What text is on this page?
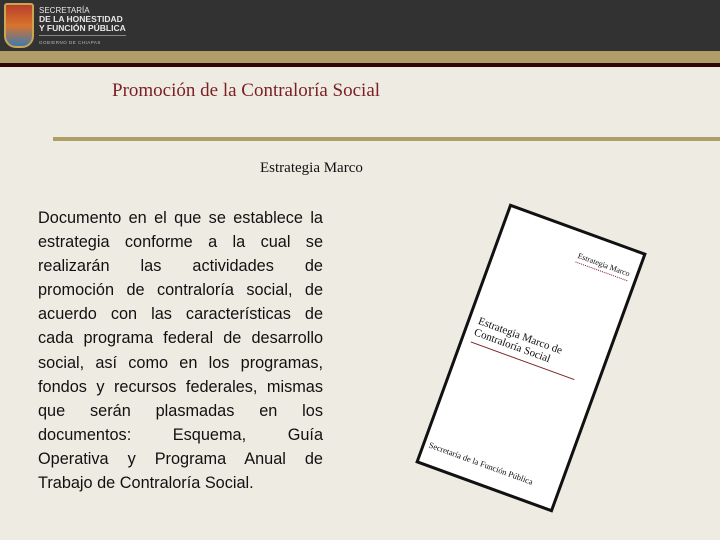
SECRETARÍA
DE LA HONESTIDAD
Y FUNCIÓN PÚBLICA
GOBIERNO DE CHIAPAS
Promoción de la Contraloría Social
Estrategia Marco
Documento en el que se establece la estrategia conforme a la cual se realizarán las actividades de promoción de contraloría social, de acuerdo con las características de cada programa federal de desarrollo social, así como en los programas, fondos y recursos federales, mismas que serán plasmadas en los documentos: Esquema, Guía Operativa y Programa Anual de Trabajo de Contraloría Social.
Estrategia Marco
Estrategia Marco de Contraloría Social
Secretaría de la Función Pública
